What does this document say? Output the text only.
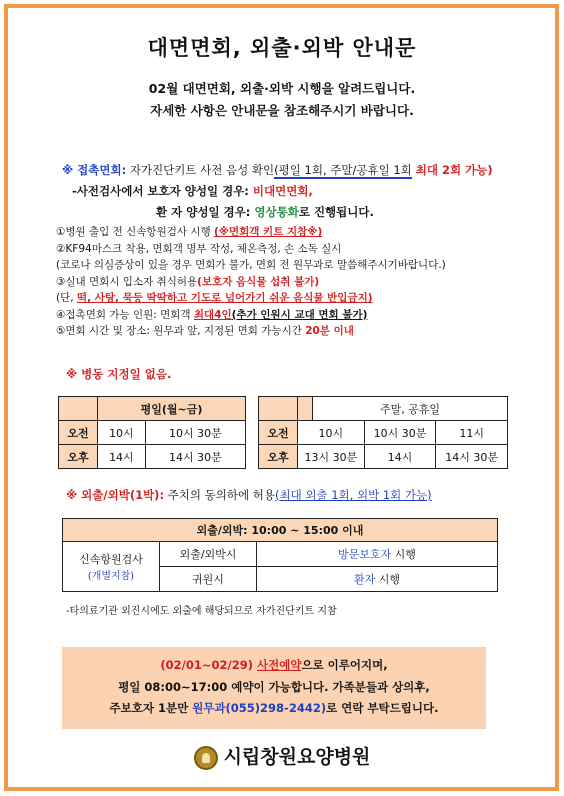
대면면회, 외출·외박 안내문
02월 대면면회, 외출·외박 시행을 알려드립니다.
자세한 사항은 안내문을 참조해주시기 바랍니다.
※ 접촉면회: 자가진단키트 사전 음성 확인(평일 1회, 주말/공휴일 1회 최대 2회 가능)
-사전검사에서 보호자 양성일 경우: 비대면면회,
환 자 양성일 경우: 영상통화로 진행됩니다.
①병원 출입 전 신속항원검사 시행 (※면회객 키트 지참※)
②KF94마스크 착용, 면회객 명부 작성, 체온측정, 손 소독 실시
(코로나 의심증상이 있을 경우 면회가 불가, 면회 전 원무과로 말씀해주시기바랍니다.)
③실내 면회시 입소자 취식허용(보호자 음식물 섭취 불가)
(단, 떡, 사탕, 묵등 딱딱하고 기도로 넘어가기 쉬운 음식물 반입금지)
④접촉면회 가능 인원: 면회객 최대4인(추가 인원시 교대 면회 불가)
⑤면회 시간 및 장소: 원무과 앞, 지정된 면회 가능시간 20분 이내
※ 병동 지정일 없음.
	평일(월~금)	
오전	10시	10시 30분
오후	14시	14시 30분
		주말, 공휴일		
오전	10시		10시 30분	11시
오후	13시 30분		14시	14시 30분
※ 외출/외박(1박): 주치의 동의하에 허용(최대 외출 1회, 외박 1회 가능)
외출/외박: 10:00 ~ 15:00 이내		

신속항원검사
(개별지참)	외출/외박시	방문보호자 시행
	귀원시	환자 시행
-타의료기관 외진시에도 외출에 해당되므로 자가진단키트 지참
(02/01~02/29) 사전예약으로 이루어지며,
평일 08:00~17:00 예약이 가능합니다. 가족분들과 상의후,
주보호자 1분만 원무과(055)298-2442)로 연락 부탁드립니다.
시립창원요양병원
